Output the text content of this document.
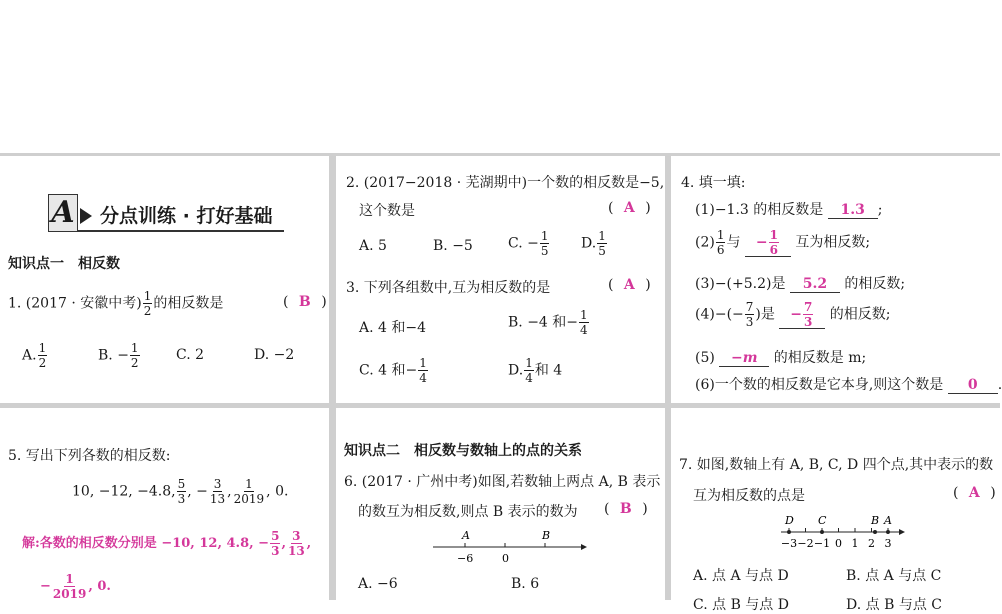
A 分点训练 · 打好基础
知识点一　相反数
1. (2017 · 安徽中考) $\frac{1}{2}$ 的相反数是	( B )
A. $\frac{1}{2}$	B. − $\frac{1}{2}$	C. 2	D. −2
2. (2017−2018 · 芜湖期中)一个数的相反数是−5,
这个数是	( A )
A. 5	B. −5	C. − $\frac{1}{5} D$. $\frac{1}{5}$
3. 下列各组数中,互为相反数的是	( A )
A. 4 和−4	B. −4 和− $\frac{1}{4}$
C. 4 和− $\frac{1}{4}$	D. $\frac{1}{4}$ 和 4
4. 填一填:
(1)−1.3 的相反数是 1.3 ;
$(2) \frac{1}{6}$ 与 − $\frac{1}{6}$ 互为相反数;
(3)−(+5.2)是 5.2 的相反数;
$(4)-(- \frac{7}{3}$ )是 − $\frac{7}{3}$ 的相反数;
(5) −m 的相反数是 m;
(6)一个数的相反数是它本身,则这个数是 0 .
5. 写出下列各数的相反数:
10, −12, −4.8, $\frac{5}{3}$ , − $\frac{3}{13}$ , $\frac{1}{2019}$ , 0.
解:各数的相反数分别是 −10, 12, 4.8, − $\frac{5}{3}$ , $\frac{3}{13}$ ,
− $\frac{1}{2019}$ , 0.
知识点二　相反数与数轴上的点的关系
6. (2017 · 广州中考)如图,若数轴上两点 A, B 表示
的数互为相反数,则点 B 表示的数为 ( B )
A	B
−6	0
A. −6	B. 6
7. 如图,数轴上有 A, B, C, D 四个点,其中表示的数
互为相反数的点是	( A )
−3 −2 −1 0 1 2 3
D C	B A
A. 点 A 与点 D	B. 点 A 与点 C
C. 点 B 与点 D	D. 点 B 与点 C
